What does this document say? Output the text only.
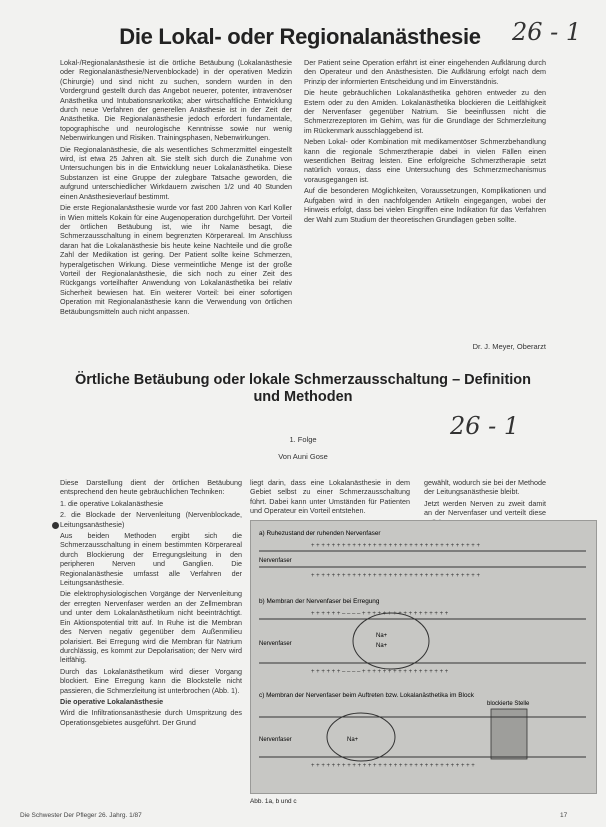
Die Lokal- oder Regionalanästhesie	26 - 1

Lokal-/Regionalanästhesie ist die örtliche Betäubung (Lokalanästhesie oder Regionalanästhesie/Nervenblockade) in der operativen Medizin (Chirurgie) und sind nicht zu suchen, sondern wurden in den Vordergrund gestellt durch das Angebot neuerer, potenter, intravenöser Anästhetika und Intubationsnarkotika; aber wirtschaftliche Entwicklung durch neue Verfahren der generellen Anästhesie ist in der Zeit der Anästhetika. Die Regionalanästhesie jedoch erfordert fundamentale, topographische und neurologische Kenntnisse sowie nur wenig Nebenwirkungen und Risiken. Trainingsphasen, Nebenwirkungen.

Die Regionalanästhesie, die als wesentliches Schmerzmittel eingestellt wird, ist etwa 25 Jahren alt. Sie stellt sich durch die Zunahme von Untersuchungen bis in die Entwicklung neuer Lokalanästhetika. Diese Substanzen ist eine Gruppe der zulegbare Tatsache geworden, die aufgrund unterschiedlicher Wirkdauern zwischen 1/2 und 40 Stunden einen Anästhesieverlauf bestimmt.

Die erste Regionalanästhesie wurde vor fast 200 Jahren von Karl Koller in Wien mittels Kokain für eine Augenoperation durchgeführt. Der Vorteil der örtlichen Betäubung ist, wie ihr Name besagt, die Schmerzausschaltung in einem begrenzten Körperareal. Im Anschluss daran hat die Lokalanästhesie bis heute keine Nachteile und die große Zahl der Medikation ist gering. Der Patient sollte keine Schmerzen, hyperalgetischen Wirkung. Diese vermeintliche Menge ist der große Vorteil der Regionalanästhesie, die sich noch zu einer Zeit des Rückgangs vorteilhafter Anwendung von Lokalanästhetika bei relativ Sicherheit bewiesen hat. Ein weiterer Vorteil: bei einer sofortigen Operation mit Regionalanästhesie kann die Verwendung von örtlichen Betäubungsmitteln auch nicht anpassen.

Der Patient seine Operation erfährt ist einer eingehenden Aufklärung durch den Operateur und den Anästhesisten. Die Aufklärung erfolgt nach dem Prinzip der informierten Entscheidung und im Einverständnis.

Die heute gebräuchlichen Lokalanästhetika gehören entweder zu den Estern oder zu den Amiden. Lokalanästhetika blockieren die Leitfähigkeit der Nervenfaser gegenüber Natrium. Sie beeinflussen nicht die Schmerzrezeptoren im Gehirn, was für die Grundlage der Schmerzleitung im Rückenmark ausschlaggebend ist.

Neben Lokal- oder Kombination mit medikamentöser Schmerzbehandlung kann die regionale Schmerztherapie dabei in vielen Fällen einen wesentlichen Beitrag leisten. Eine erfolgreiche Schmerztherapie setzt natürlich voraus, dass eine Untersuchung des Schmerzmechanismus vorausgegangen ist.

Auf die besonderen Möglichkeiten, Voraussetzungen, Komplikationen und Aufgaben wird in den nachfolgenden Artikeln eingegangen, wobei der Hinweis erfolgt, dass bei vielen Eingriffen eine Indikation für das Verfahren der Wahl zum Studium der theoretischen Grundlagen geben sollte.

Dr. J. Meyer, Oberarzt
Örtliche Betäubung oder lokale Schmerzausschaltung – Definition und Methoden
26 - 1
1. Folge
Von Auni Gose

Diese Darstellung dient der örtlichen Betäubung entsprechend den heute gebräuchlichen Techniken:

1. die operative Lokalanästhesie

2. die Blockade der Nervenleitung (Nervenblockade, Leitungsanästhesie)

Aus beiden Methoden ergibt sich die Schmerzausschaltung in einem bestimmten Körperareal durch Blockierung der Erregungsleitung in den peripheren Nerven und Ganglien. Die Regionalanästhesie umfasst alle Verfahren der Leitungsanästhesie.

Die elektrophysiologischen Vorgänge der Nervenleitung der erregten Nervenfaser werden an der Zellmembran und unter dem Lokalanästhetikum nicht beeinträchtigt. Ein Aktionspotential tritt auf. In Ruhe ist die Membran des Nerven negativ gegenüber dem Außenmilieu polarisiert. Bei Erregung wird die Membran für Natrium durchlässig, es kommt zur Depolarisation; der Nerv wird leitfähig.

Durch das Lokalanästhetikum wird dieser Vorgang blockiert. Eine Erregung kann die Blockstelle nicht passieren, die Schmerzleitung ist unterbrochen (Abb. 1).

Die operative Lokalanästhesie

Wird die Infiltrationsanästhesie durch Umspritzung des Operationsgebietes ausgeführt. Der Grund

liegt darin, dass eine Lokalanästhesie in dem Gebiet selbst zu einer Schmerzausschaltung führt. Dabei kann unter Umständen für Patienten und Operateur ein Vorteil entstehen.

gewählt, wodurch sie bei der Methode der Leitungsanästhesie bleibt.

Jetzt werden Nerven zu zweit damit an der Nervenfaser und verteilt diese

a) Ruhezustand der ruhenden Nervenfaser
Nervenfaser
+ + + + + + + + + + + + + + + + + + + + + + + + + + + + + + + + +
+ + + + + + + + + + + + + + + + + + + + + + + + + + + + + + + + +
b) Membran der Nervenfaser bei Erregung
Na+
Na+
Nervenfaser
+ + + + + + – – – – + + + + + + + + + + + + + + + + +
+ + + + + + – – – – + + + + + + + + + + + + + + + + +
c) Membran der Nervenfaser beim Auftreten bzw. Lokalanästhetika im Block
blockierte Stelle
Na+
Nervenfaser
+ + + + + + + + + + + + + + + + + + + + + + + + + + + + + + + +
Abb. 1a, b und c
Die Schwester Der Pfleger 26. Jahrg. 1/87	17
